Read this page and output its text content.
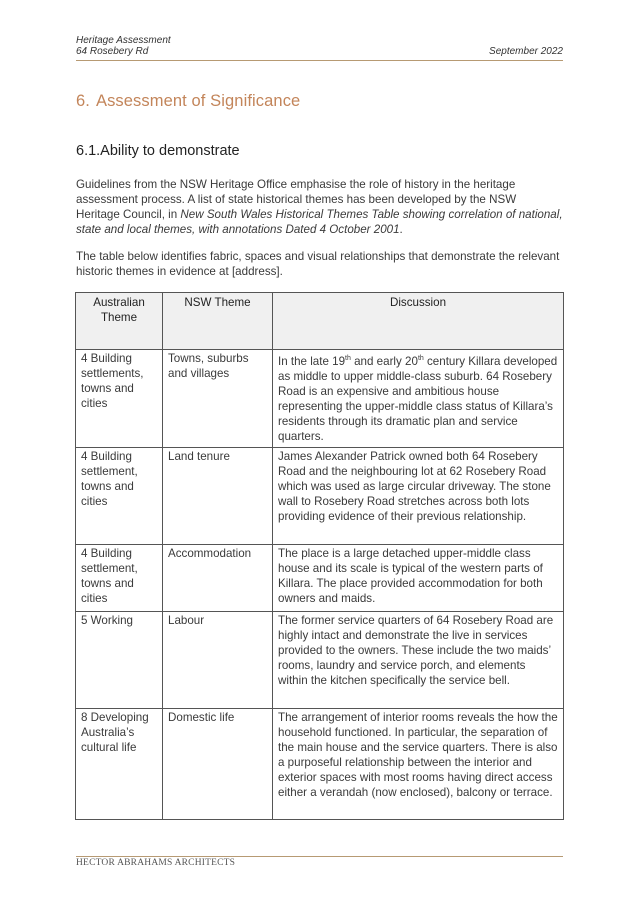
Heritage Assessment
64 Rosebery Rd	September 2022
6. Assessment of Significance
6.1.Ability to demonstrate
Guidelines from the NSW Heritage Office emphasise the role of history in the heritage assessment process. A list of state historical themes has been developed by the NSW Heritage Council, in New South Wales Historical Themes Table showing correlation of national, state and local themes, with annotations Dated 4 October 2001.
The table below identifies fabric, spaces and visual relationships that demonstrate the relevant historic themes in evidence at [address].
Australian Theme	NSW Theme	Discussion
4 Building settlements, towns and cities	Towns, suburbs and villages	In the late 19th and early 20th century Killara developed as middle to upper middle-class suburb. 64 Rosebery Road is an expensive and ambitious house representing the upper-middle class status of Killara’s residents through its dramatic plan and service quarters.
4 Building settlement, towns and cities	Land tenure	James Alexander Patrick owned both 64 Rosebery Road and the neighbouring lot at 62 Rosebery Road which was used as large circular driveway. The stone wall to Rosebery Road stretches across both lots providing evidence of their previous relationship.
4 Building settlement, towns and cities	Accommodation	The place is a large detached upper-middle class house and its scale is typical of the western parts of Killara. The place provided accommodation for both owners and maids.
5 Working	Labour	The former service quarters of 64 Rosebery Road are highly intact and demonstrate the live in services provided to the owners. These include the two maids’ rooms, laundry and service porch, and elements within the kitchen specifically the service bell.
8 Developing Australia’s cultural life	Domestic life	The arrangement of interior rooms reveals the how the household functioned. In particular, the separation of the main house and the service quarters. There is also a purposeful relationship between the interior and exterior spaces with most rooms having direct access either a verandah (now enclosed), balcony or terrace.
HECTOR ABRAHAMS ARCHITECTS
